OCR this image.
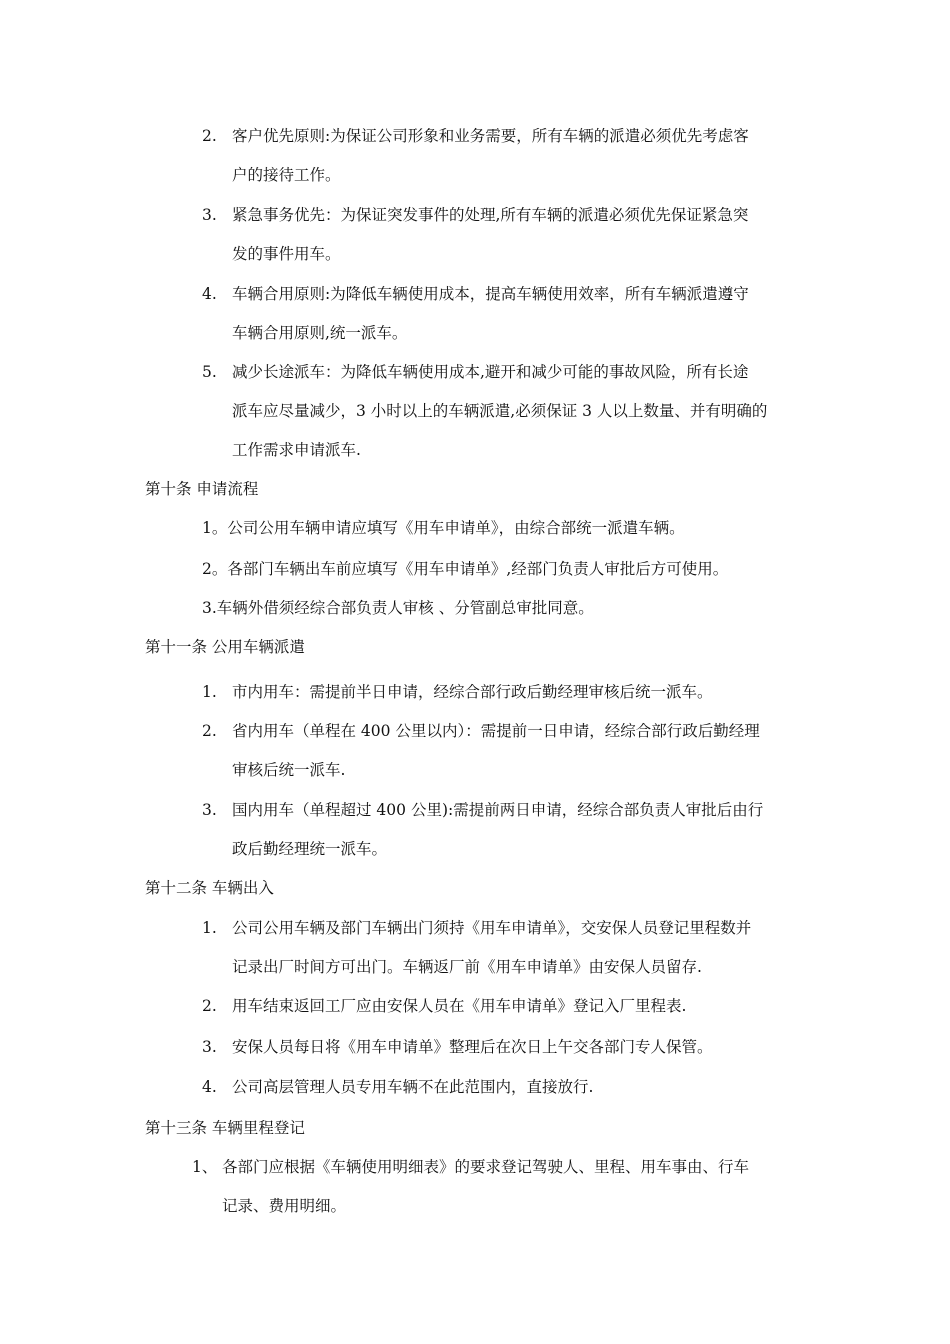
2. 客户优先原则:为保证公司形象和业务需要，所有车辆的派遣必须优先考虑客
户的接待工作。
3. 紧急事务优先：为保证突发事件的处理,所有车辆的派遣必须优先保证紧急突
发的事件用车。
4. 车辆合用原则:为降低车辆使用成本，提高车辆使用效率，所有车辆派遣遵守
车辆合用原则,统一派车。
5. 减少长途派车：为降低车辆使用成本,避开和减少可能的事故风险，所有长途
派车应尽量减少，3 小时以上的车辆派遣,必须保证 3 人以上数量、并有明确的
工作需求申请派车.
第十条 申请流程
1。公司公用车辆申请应填写《用车申请单》，由综合部统一派遣车辆。
2。各部门车辆出车前应填写《用车申请单》,经部门负责人审批后方可使用。
3.车辆外借须经综合部负责人审核 、分管副总审批同意。
第十一条 公用车辆派遣
1. 市内用车：需提前半日申请，经综合部行政后勤经理审核后统一派车。
2. 省内用车（单程在 400 公里以内）：需提前一日申请，经综合部行政后勤经理
审核后统一派车.
3. 国内用车（单程超过 400 公里):需提前两日申请，经综合部负责人审批后由行
政后勤经理统一派车。
第十二条 车辆出入
1. 公司公用车辆及部门车辆出门须持《用车申请单》，交安保人员登记里程数并
记录出厂时间方可出门。车辆返厂前《用车申请单》由安保人员留存.
2. 用车结束返回工厂应由安保人员在《用车申请单》登记入厂里程表.
3. 安保人员每日将《用车申请单》整理后在次日上午交各部门专人保管。
4. 公司高层管理人员专用车辆不在此范围内，直接放行.
第十三条 车辆里程登记
1、 各部门应根据《车辆使用明细表》的要求登记驾驶人、里程、用车事由、行车
记录、费用明细。
